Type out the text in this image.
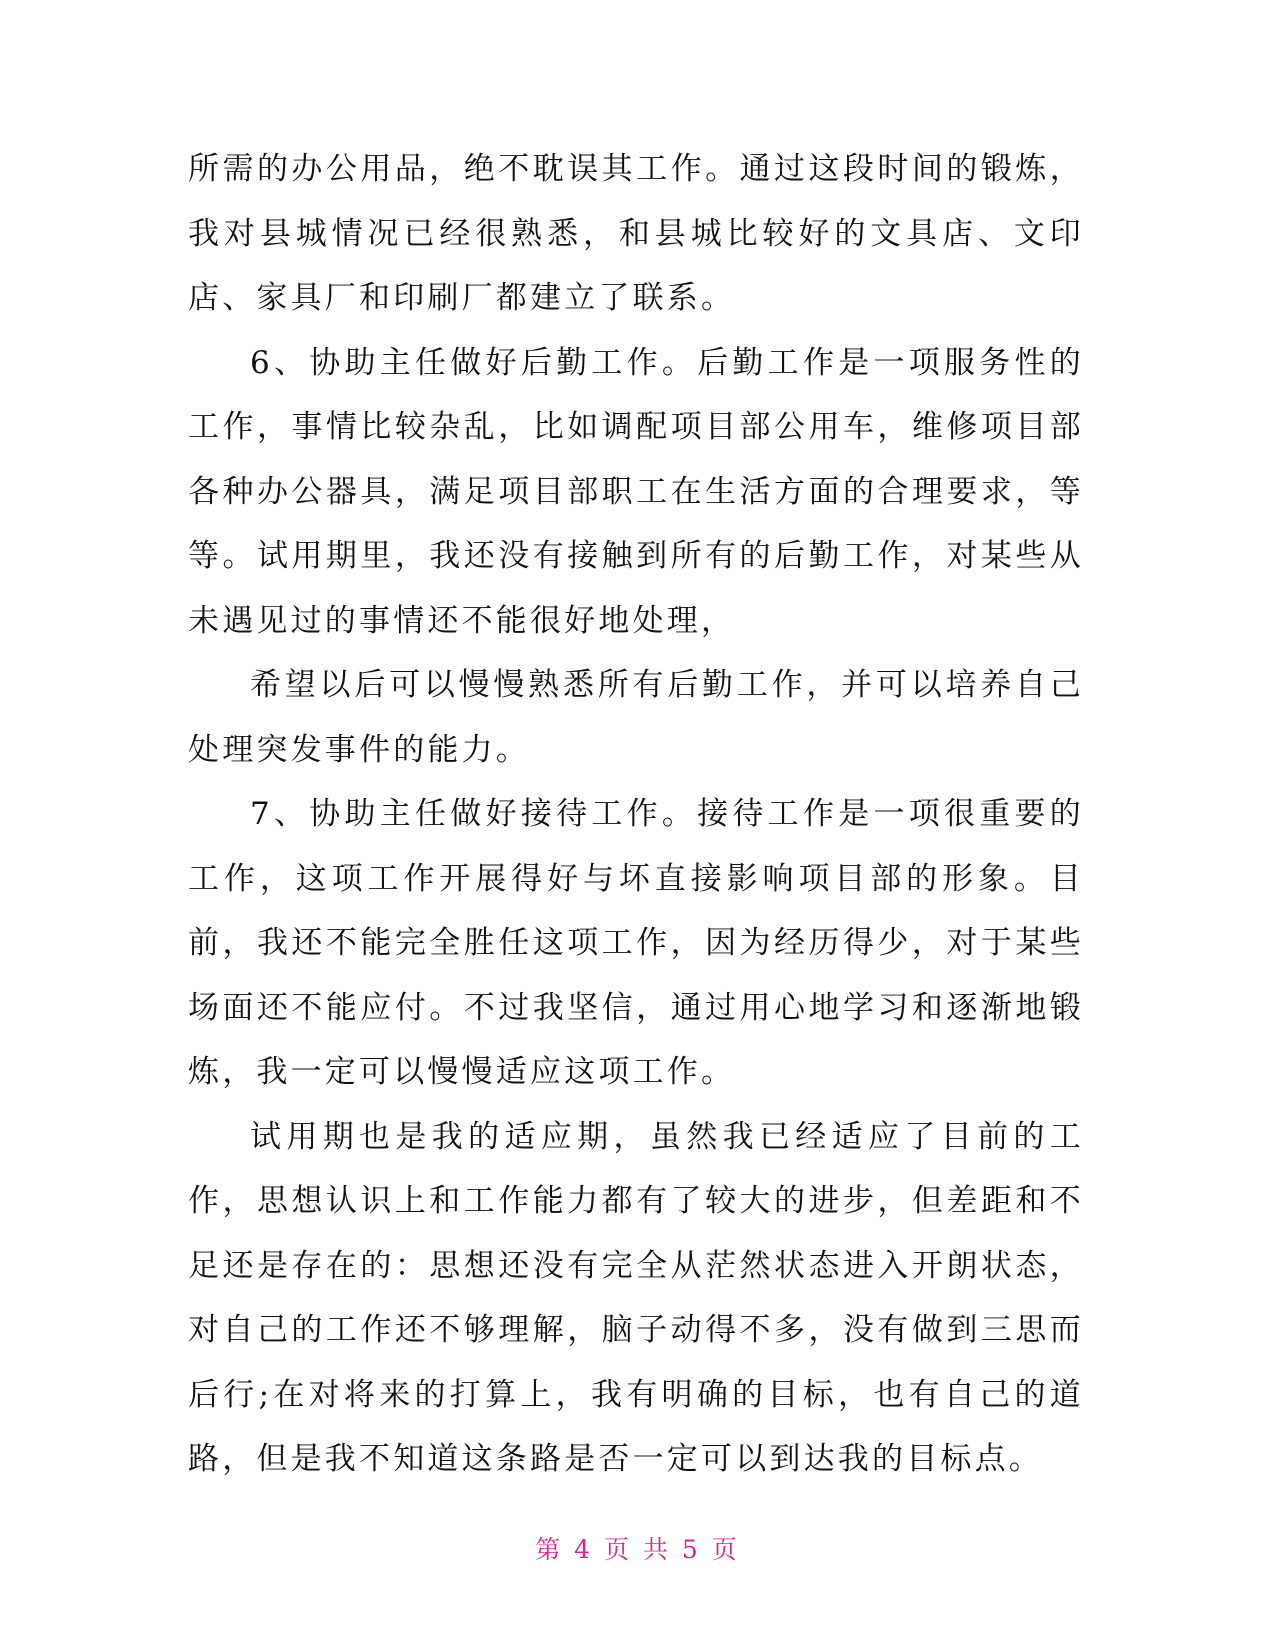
所需的办公用品，绝不耽误其工作。通过这段时间的锻炼，我对县城情况已经很熟悉，和县城比较好的文具店、文印店、家具厂和印刷厂都建立了联系。

6、协助主任做好后勤工作。后勤工作是一项服务性的工作，事情比较杂乱，比如调配项目部公用车，维修项目部各种办公器具，满足项目部职工在生活方面的合理要求，等等。试用期里，我还没有接触到所有的后勤工作，对某些从未遇见过的事情还不能很好地处理，

希望以后可以慢慢熟悉所有后勤工作，并可以培养自己处理突发事件的能力。

7、协助主任做好接待工作。接待工作是一项很重要的工作，这项工作开展得好与坏直接影响项目部的形象。目前，我还不能完全胜任这项工作，因为经历得少，对于某些场面还不能应付。不过我坚信，通过用心地学习和逐渐地锻炼，我一定可以慢慢适应这项工作。

试用期也是我的适应期，虽然我已经适应了目前的工作，思想认识上和工作能力都有了较大的进步，但差距和不足还是存在的：思想还没有完全从茫然状态进入开朗状态，对自己的工作还不够理解，脑子动得不多，没有做到三思而后行;在对将来的打算上，我有明确的目标，也有自己的道路，但是我不知道这条路是否一定可以到达我的目标点。

第 4 页 共 5 页
